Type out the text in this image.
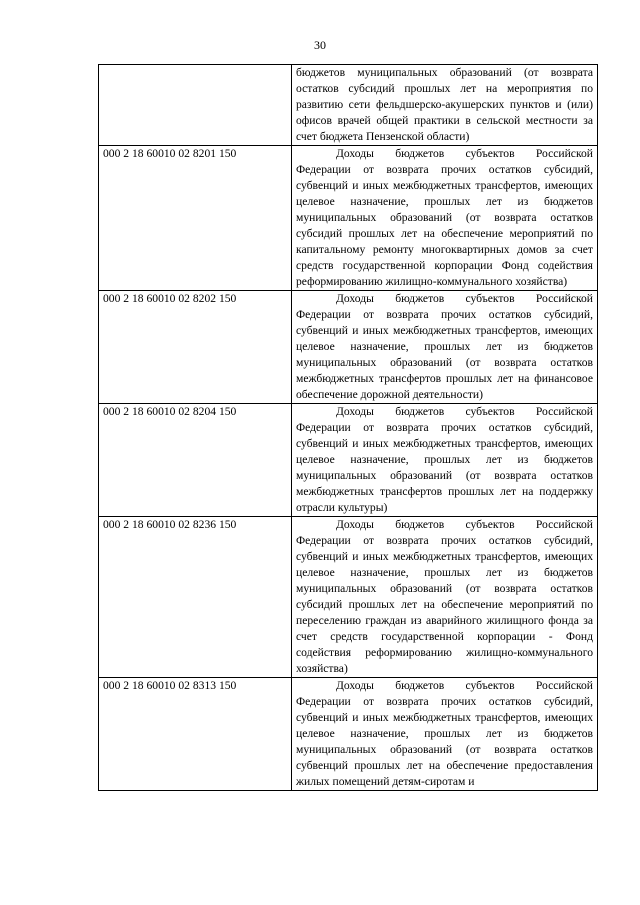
30

	бюджетов муниципальных образований (от возврата остатков субсидий прошлых лет на мероприятия по развитию сети фельдшерско-акушерских пунктов и (или) офисов врачей общей практики в сельской местности за счет бюджета Пензенской области)

000 2 18 60010 02 8201 150	Доходы бюджетов субъектов Российской Федерации от возврата прочих остатков субсидий, субвенций и иных межбюджетных трансфертов, имеющих целевое назначение, прошлых лет из бюджетов муниципальных образований (от возврата остатков субсидий прошлых лет на обеспечение мероприятий по капитальному ремонту многоквартирных домов за счет средств государственной корпорации Фонд содействия реформированию жилищно-коммунального хозяйства)

000 2 18 60010 02 8202 150	Доходы бюджетов субъектов Российской Федерации от возврата прочих остатков субсидий, субвенций и иных межбюджетных трансфертов, имеющих целевое назначение, прошлых лет из бюджетов муниципальных образований (от возврата остатков межбюджетных трансфертов прошлых лет на финансовое обеспечение дорожной деятельности)

000 2 18 60010 02 8204 150	Доходы бюджетов субъектов Российской Федерации от возврата прочих остатков субсидий, субвенций и иных межбюджетных трансфертов, имеющих целевое назначение, прошлых лет из бюджетов муниципальных образований (от возврата остатков межбюджетных трансфертов прошлых лет на поддержку отрасли культуры)

000 2 18 60010 02 8236 150	Доходы бюджетов субъектов Российской Федерации от возврата прочих остатков субсидий, субвенций и иных межбюджетных трансфертов, имеющих целевое назначение, прошлых лет из бюджетов муниципальных образований (от возврата остатков субсидий прошлых лет на обеспечение мероприятий по переселению граждан из аварийного жилищного фонда за счет средств государственной корпорации - Фонд содействия реформированию жилищно-коммунального хозяйства)

000 2 18 60010 02 8313 150	Доходы бюджетов субъектов Российской Федерации от возврата прочих остатков субсидий, субвенций и иных межбюджетных трансфертов, имеющих целевое назначение, прошлых лет из бюджетов муниципальных образований (от возврата остатков субвенций прошлых лет на обеспечение предоставления жилых помещений детям-сиротам и
